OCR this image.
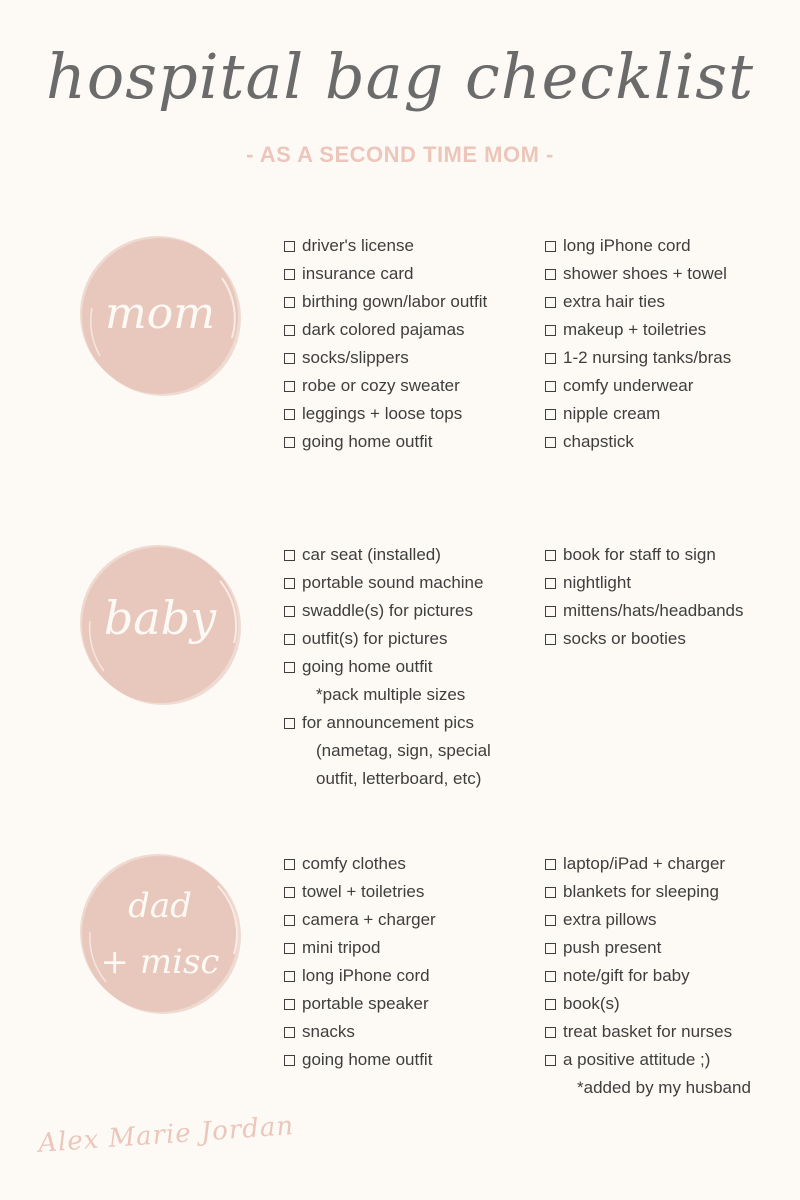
hospital bag checklist
- AS A SECOND TIME MOM -
mom
driver's license
insurance card
birthing gown/labor outfit
dark colored pajamas
socks/slippers
robe or cozy sweater
leggings + loose tops
going home outfit
long iPhone cord
shower shoes + towel
extra hair ties
makeup + toiletries
1-2 nursing tanks/bras
comfy underwear
nipple cream
chapstick
baby
car seat (installed)
portable sound machine
swaddle(s) for pictures
outfit(s) for pictures
going home outfit
*pack multiple sizes
for announcement pics
(nametag, sign, special
outfit, letterboard, etc)
book for staff to sign
nightlight
mittens/hats/headbands
socks or booties
dad
+ misc
comfy clothes
towel + toiletries
camera + charger
mini tripod
long iPhone cord
portable speaker
snacks
going home outfit
laptop/iPad + charger
blankets for sleeping
extra pillows
push present
note/gift for baby
book(s)
treat basket for nurses
a positive attitude ;)
*added by my husband
Alex Marie Jordan
